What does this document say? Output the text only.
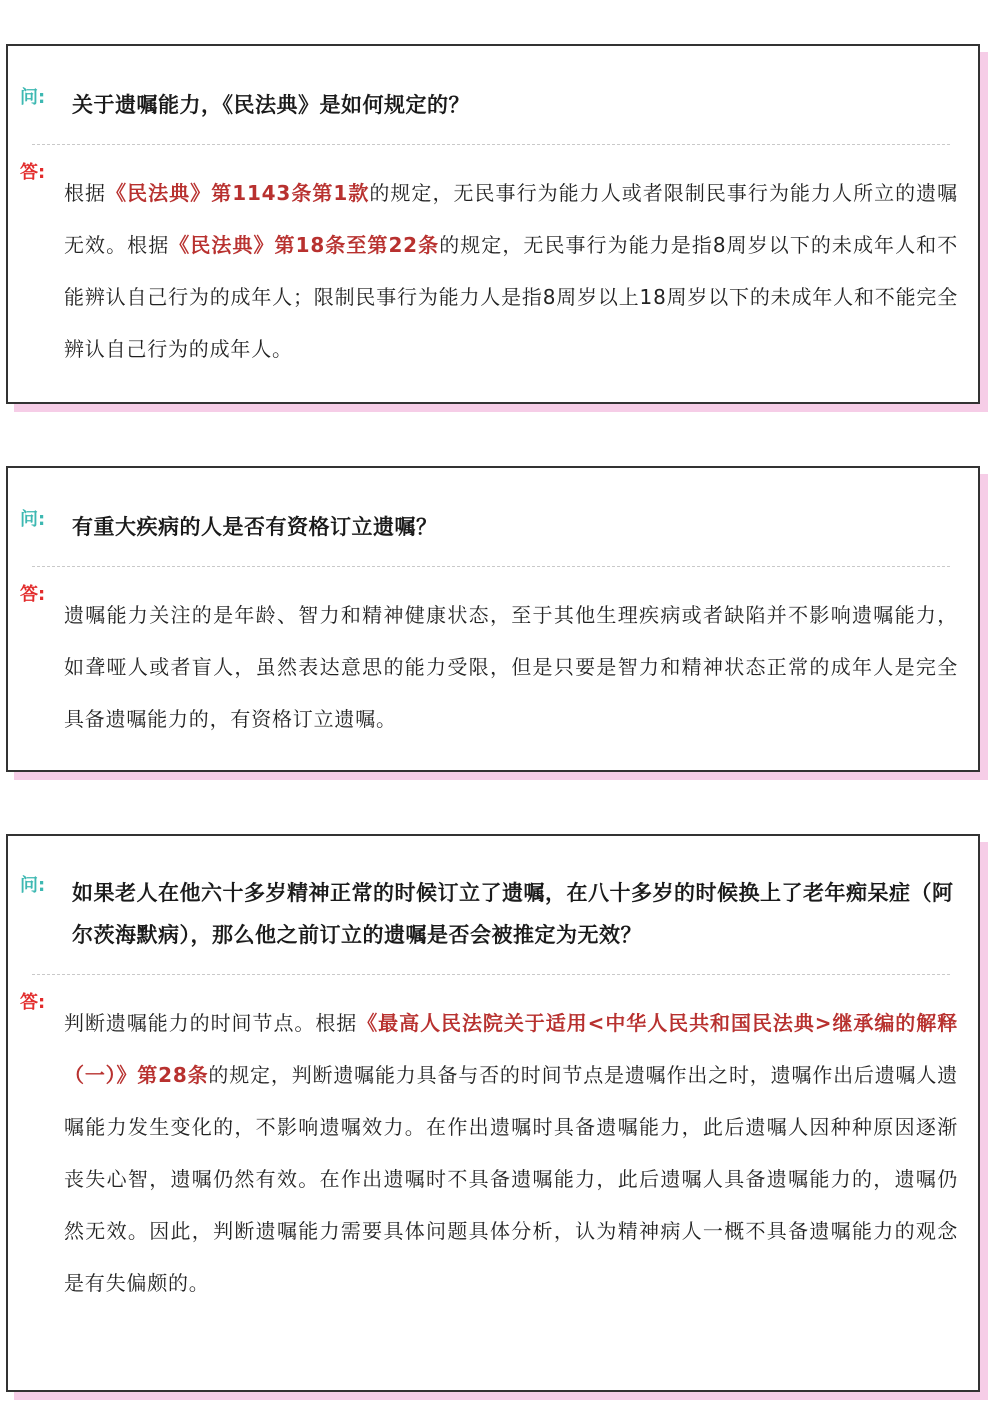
问: 关于遗嘱能力，《民法典》是如何规定的？
答:
根据《民法典》第1143条第1款的规定，无民事行为能力人或者限制民事行为能力人所立的遗嘱无效。根据《民法典》第18条至第22条的规定，无民事行为能力是指8周岁以下的未成年人和不能辨认自己行为的成年人；限制民事行为能力人是指8周岁以上18周岁以下的未成年人和不能完全辨认自己行为的成年人。
问: 有重大疾病的人是否有资格订立遗嘱？
答:
遗嘱能力关注的是年龄、智力和精神健康状态，至于其他生理疾病或者缺陷并不影响遗嘱能力，如聋哑人或者盲人，虽然表达意思的能力受限，但是只要是智力和精神状态正常的成年人是完全具备遗嘱能力的，有资格订立遗嘱。
问: 如果老人在他六十多岁精神正常的时候订立了遗嘱，在八十多岁的时候换上了老年痴呆症（阿尔茨海默病），那么他之前订立的遗嘱是否会被推定为无效？
答:
判断遗嘱能力的时间节点。根据《最高人民法院关于适用<中华人民共和国民法典>继承编的解释（一）》第28条的规定，判断遗嘱能力具备与否的时间节点是遗嘱作出之时，遗嘱作出后遗嘱人遗嘱能力发生变化的，不影响遗嘱效力。在作出遗嘱时具备遗嘱能力，此后遗嘱人因种种原因逐渐丧失心智，遗嘱仍然有效。在作出遗嘱时不具备遗嘱能力，此后遗嘱人具备遗嘱能力的，遗嘱仍然无效。因此，判断遗嘱能力需要具体问题具体分析，认为精神病人一概不具备遗嘱能力的观念是有失偏颇的。
